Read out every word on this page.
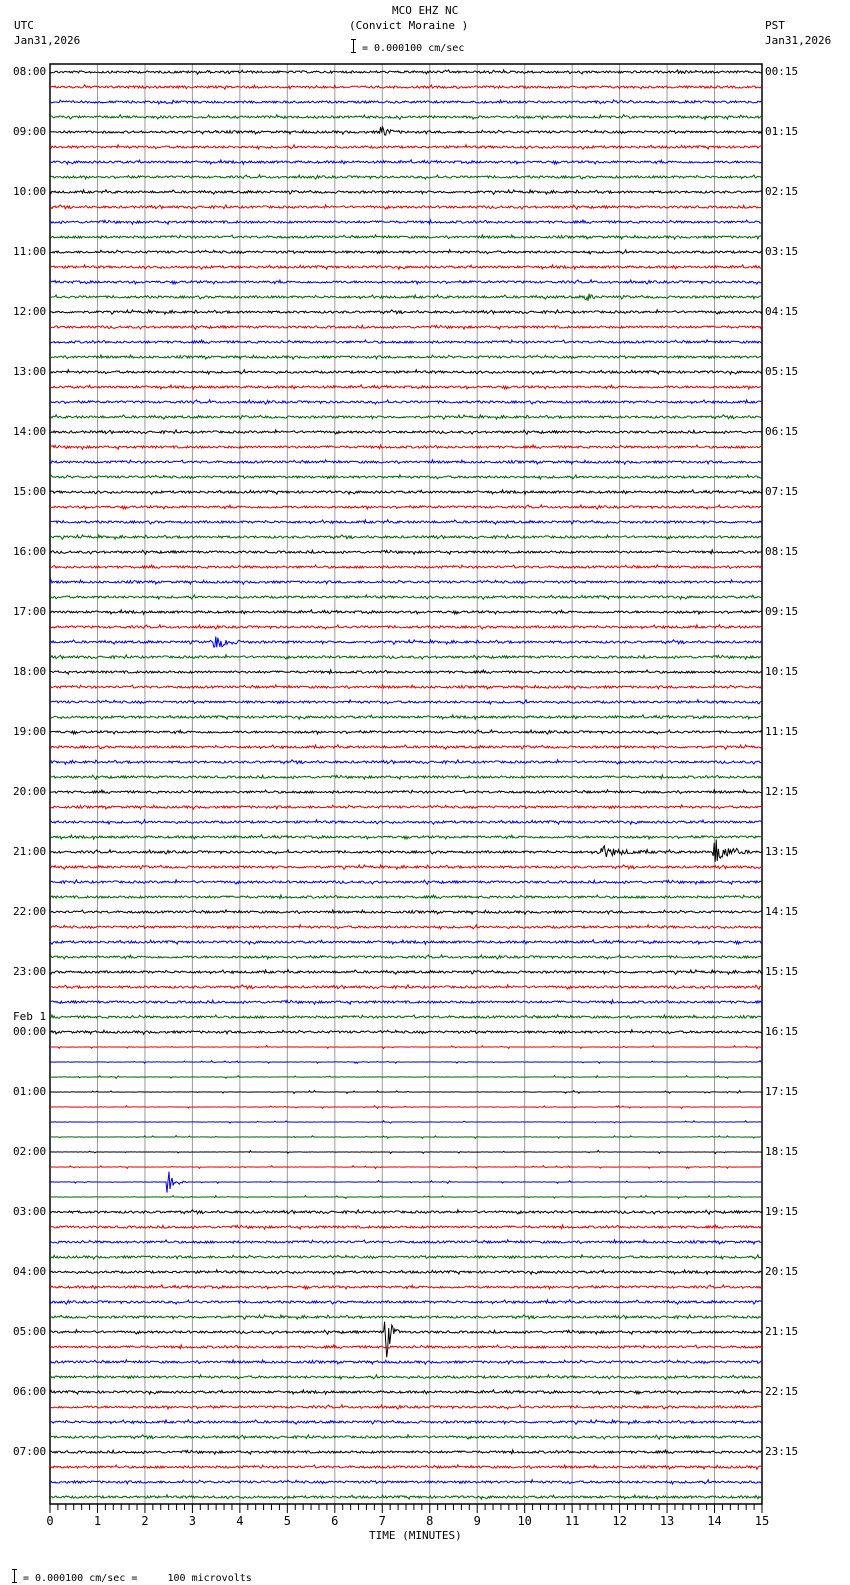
MCO EHZ NC
(Convict Moraine )
UTC
Jan31,2026
PST
Jan31,2026
= 0.000100 cm/sec
0	1	2	3	4	5	6	7	8	9	10	11	12	13	14	15
08:00
09:00
10:00
11:00
12:00
13:00
14:00
15:00
16:00
17:00
18:00
19:00
20:00
21:00
22:00
23:00
00:00
Feb 1
01:00
02:00
03:00
04:00
05:00
06:00
07:00
00:15
01:15
02:15
03:15
04:15
05:15
06:15
07:15
08:15
09:15
10:15
11:15
12:15
13:15
14:15
15:15
16:15
17:15
18:15
19:15
20:15
21:15
22:15
23:15
TIME (MINUTES)
= 0.000100 cm/sec =     100 microvolts
